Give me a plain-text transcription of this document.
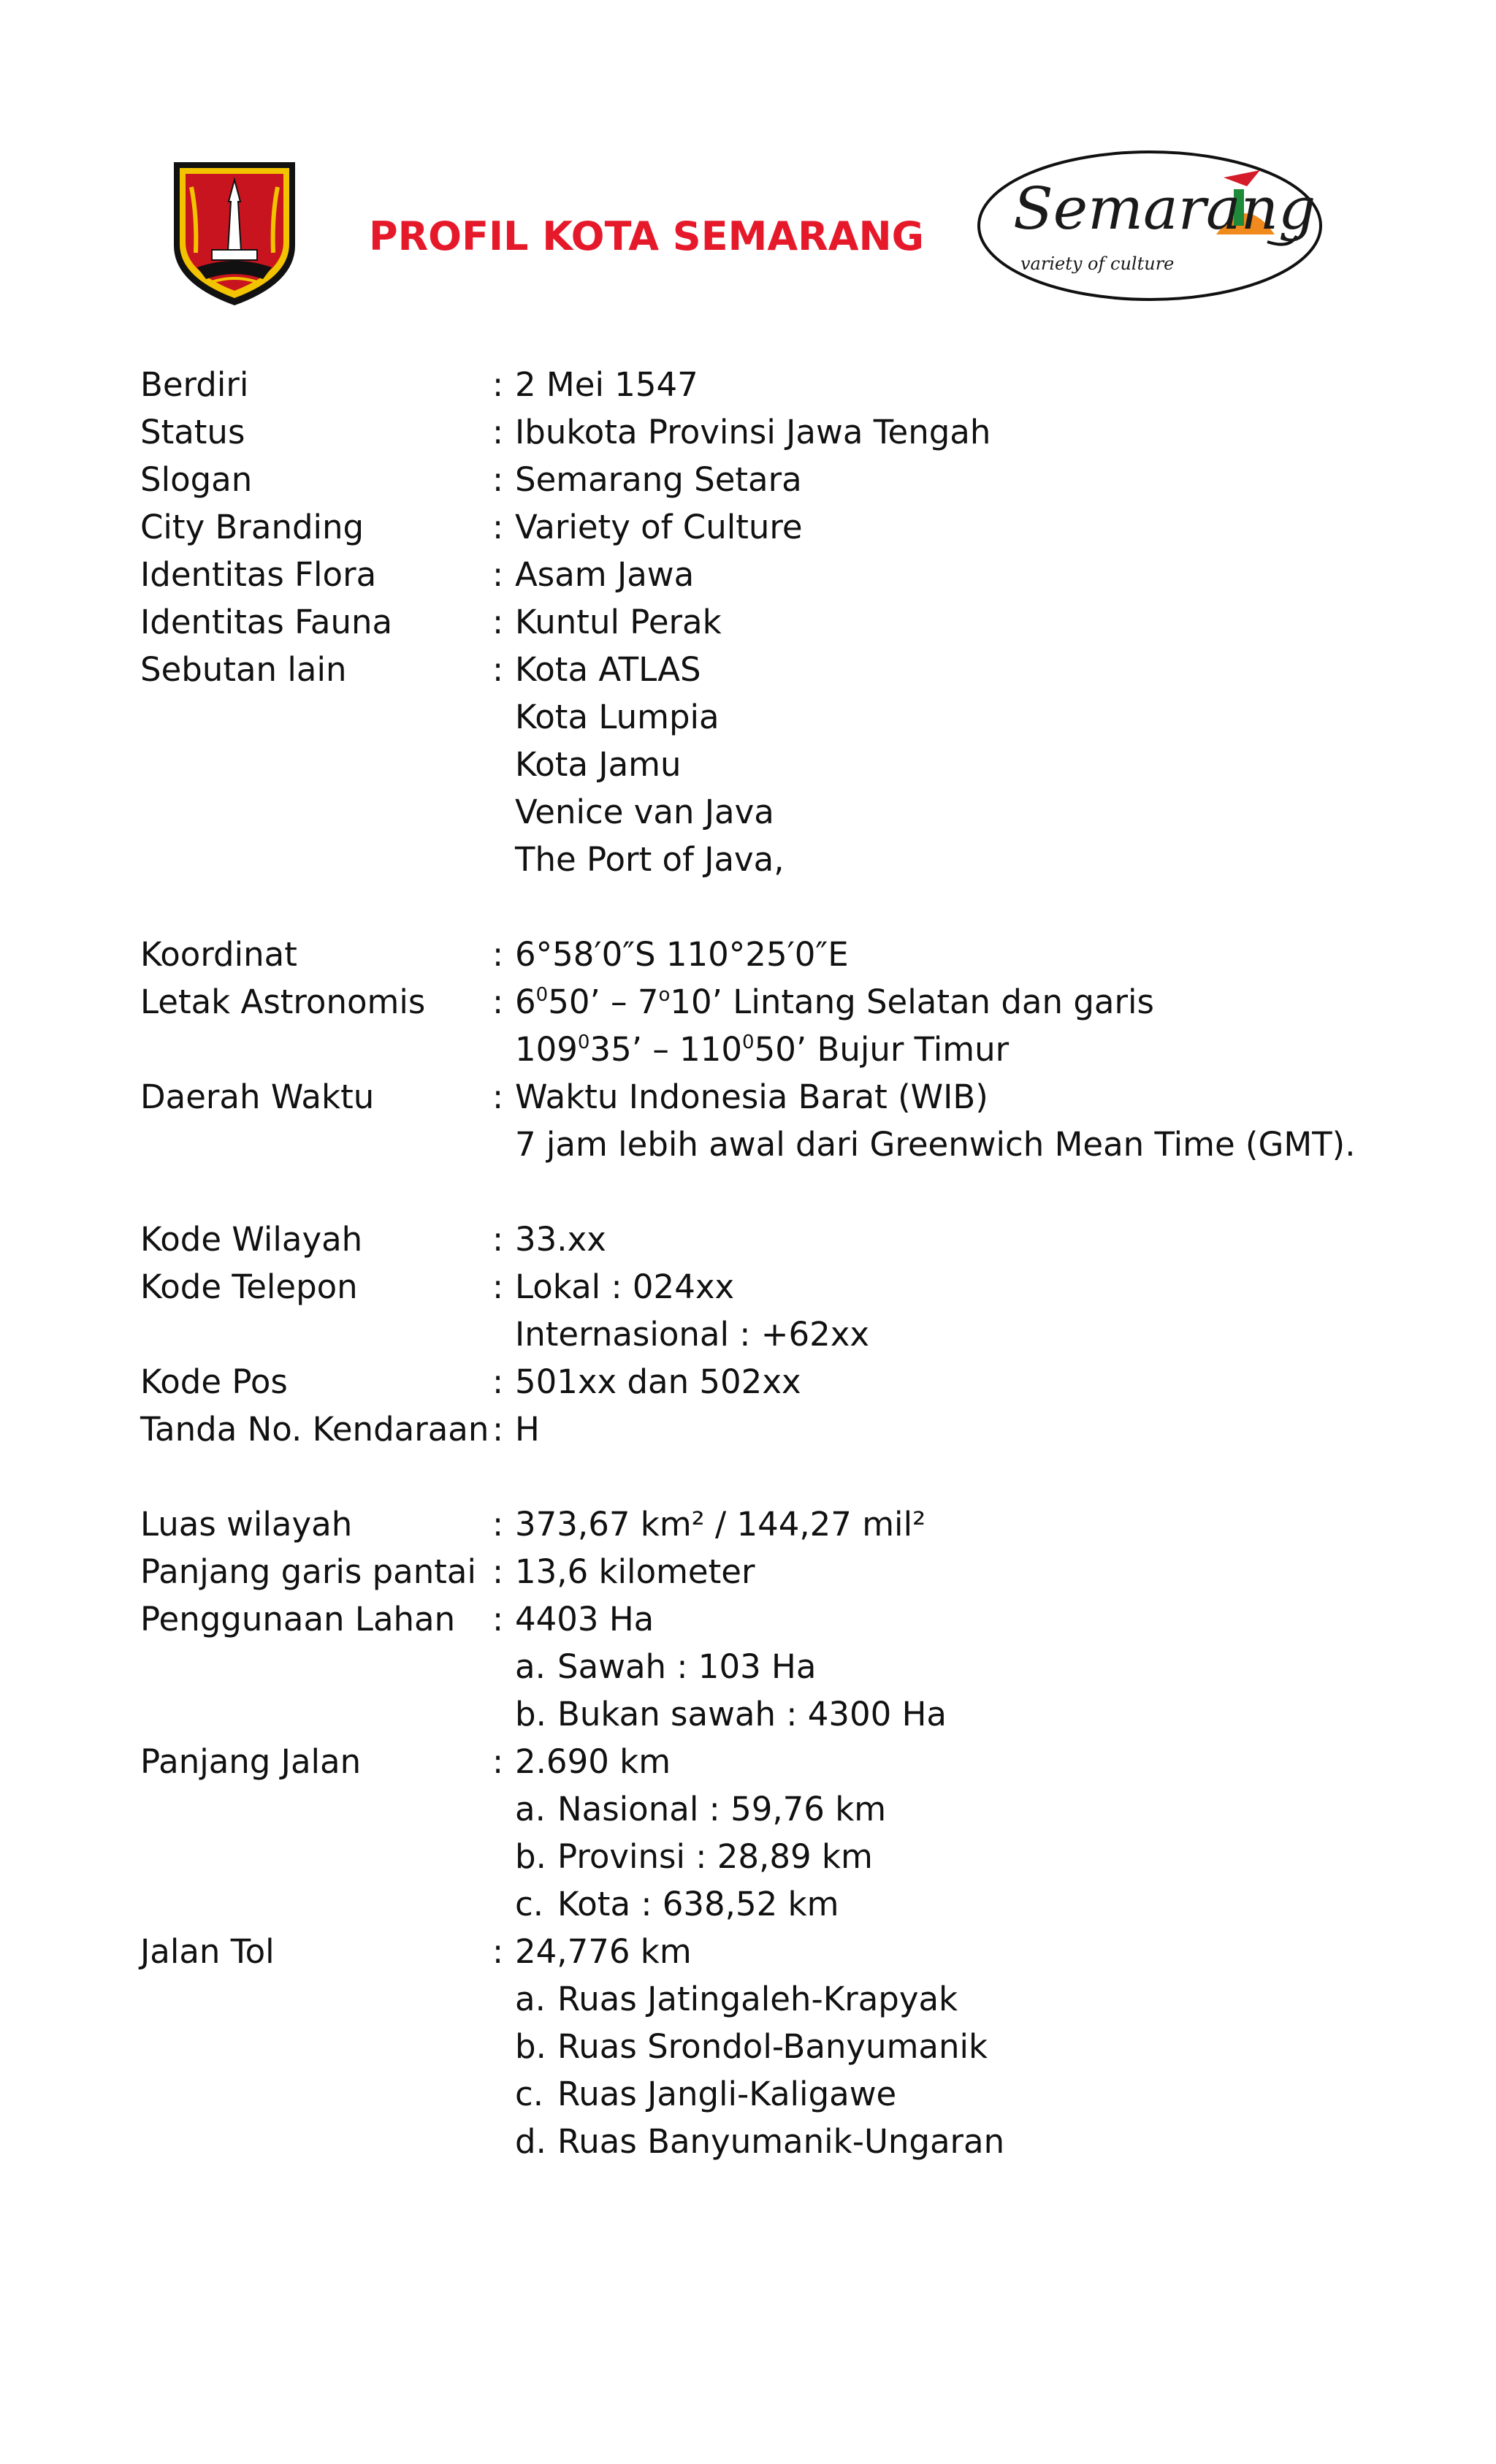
PROFIL KOTA SEMARANG Semarang
variety of culture
Berdiri	: 2 Mei 1547
Status	: Ibukota Provinsi Jawa Tengah
Slogan	: Semarang Setara
City Branding	: Variety of Culture
Identitas Flora	: Asam Jawa
Identitas Fauna	: Kuntul Perak
Sebutan lain	: Kota ATLAS
Kota Lumpia
Kota Jamu
Venice van Java
The Port of Java,
Koordinat	: 6°58′0″S 110°25′0″E
Letak Astronomis	: $6^050$’ – 7$^o$10’ Lintang Selatan dan garis
$109^035$’ – $110^050$’ Bujur Timur
Daerah Waktu	: Waktu Indonesia Barat (WIB)
7 jam lebih awal dari Greenwich Mean Time (GMT).
Kode Wilayah	: 33.xx
Kode Telepon	: Lokal : 024xx
Internasional : +62xx
Kode Pos	: 501xx dan 502xx
Tanda No. Kendaraan : H
Luas wilayah	: 373,67 km² / 144,27 mil²
Panjang garis pantai : 13,6 kilometer
Penggunaan Lahan	: 4403 Ha
a. Sawah : 103 Ha
b. Bukan sawah : 4300 Ha
Panjang Jalan	: 2.690 km
a. Nasional : 59,76 km
b. Provinsi : 28,89 km
c. Kota : 638,52 km
Jalan Tol	: 24,776 km
a. Ruas Jatingaleh-Krapyak
b. Ruas Srondol-Banyumanik
c. Ruas Jangli-Kaligawe
d. Ruas Banyumanik-Ungaran
